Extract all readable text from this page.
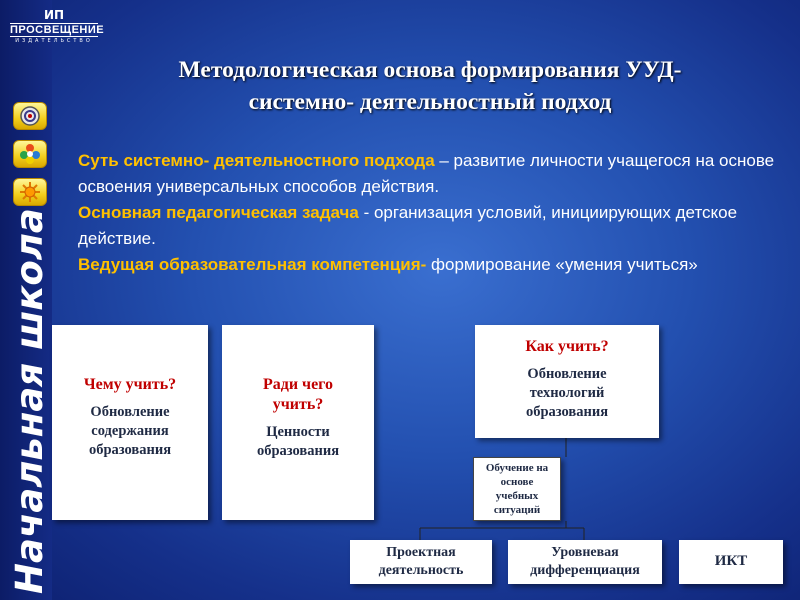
ИП
ПРОСВЕЩЕНИЕ
ИЗДАТЕЛЬСТВО
Начальная школа
Методологическая основа формирования УУД-
системно- деятельностный подход
Суть системно- деятельностного подхода – развитие личности учащегося на основе освоения универсальных способов действия.
Основная педагогическая задача - организация условий, инициирующих детское действие.
Ведущая образовательная компетенция- формирование «умения учиться»
Чему учить?
Обновление содержания образования
Ради чего учить?
Ценности образования
Как учить?
Обновление технологий образования
Обучение на основе учебных ситуаций
Проектная деятельность
Уровневая дифференциация
ИКТ
